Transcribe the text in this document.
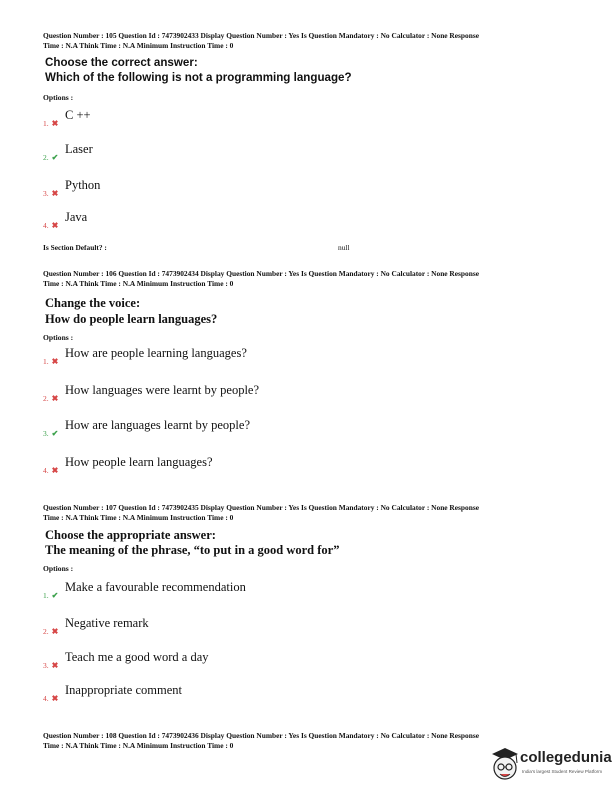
Question Number : 105 Question Id : 7473902433 Display Question Number : Yes Is Question Mandatory : No Calculator : None Response
Time : N.A Think Time : N.A Minimum Instruction Time : 0
Choose the correct answer:
Which of the following is not a programming language?
Options :
1. ✖
C ++
2. ✔
Laser
3. ✖
Python
4. ✖
Java
Is Section Default? :	null
Question Number : 106 Question Id : 7473902434 Display Question Number : Yes Is Question Mandatory : No Calculator : None Response
Time : N.A Think Time : N.A Minimum Instruction Time : 0
Change the voice:
How do people learn languages?
Options :
1. ✖
How are people learning languages?
2. ✖
How languages were learnt by people?
3. ✔
How are languages learnt by people?
4. ✖
How people learn languages?
Question Number : 107 Question Id : 7473902435 Display Question Number : Yes Is Question Mandatory : No Calculator : None Response
Time : N.A Think Time : N.A Minimum Instruction Time : 0
Choose the appropriate answer:
The meaning of the phrase, “to put in a good word for”
Options :
1. ✔
Make a favourable recommendation
2. ✖
Negative remark
3. ✖
Teach me a good word a day
4. ✖
Inappropriate comment
Question Number : 108 Question Id : 7473902436 Display Question Number : Yes Is Question Mandatory : No Calculator : None Response
Time : N.A Think Time : N.A Minimum Instruction Time : 0
collegedunia
India's largest Student Review Platform
